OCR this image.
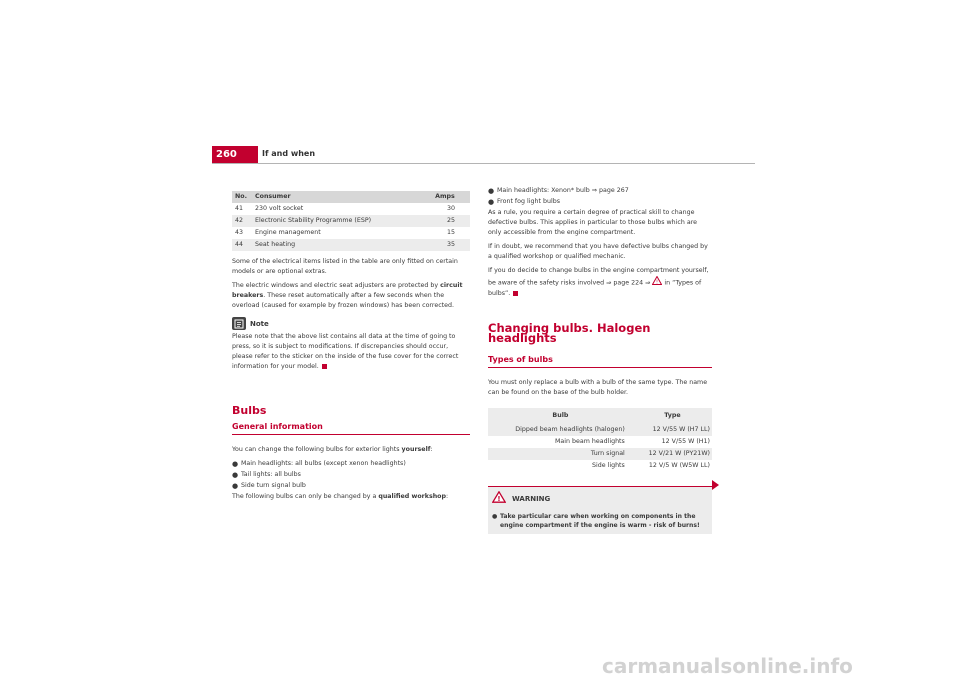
260	If and when
No.	Consumer	Amps
41	230 volt socket	30
42	Electronic Stability Programme (ESP)	25
43	Engine management	15
44	Seat heating	35

Some of the electrical items listed in the table are only fitted on certain models or are optional extras.

The electric windows and electric seat adjusters are protected by circuit breakers. These reset automatically after a few seconds when the overload (caused for example by frozen windows) has been corrected.

Note

Please note that the above list contains all data at the time of going to press, so it is subject to modifications. If discrepancies should occur, please refer to the sticker on the inside of the fuse cover for the correct information for your model.

Bulbs
General information

You can change the following bulbs for exterior lights yourself:

● Main headlights: all bulbs (except xenon headlights)
● Tail lights: all bulbs
● Side turn signal bulb

The following bulbs can only be changed by a qualified workshop:

● Main headlights: Xenon* bulb ⇒ page 267
● Front fog light bulbs

As a rule, you require a certain degree of practical skill to change defective bulbs. This applies in particular to those bulbs which are only accessible from the engine compartment.

If in doubt, we recommend that you have defective bulbs changed by a qualified workshop or qualified mechanic.

If you do decide to change bulbs in the engine compartment yourself, be aware of the safety risks involved ⇒ page 224 ⇒ ! in “Types of bulbs”.

Changing bulbs. Halogen headlights
Types of bulbs

You must only replace a bulb with a bulb of the same type. The name can be found on the base of the bulb holder.

Bulb	Type
Dipped beam headlights (halogen)	12 V/55 W (H7 LL)
Main beam headlights	12 V/55 W (H1)
Turn signal	12 V/21 W (PY21W)
Side lights	12 V/5 W (W5W LL)
! WARNING
● Take particular care when working on components in the engine compartment if the engine is warm - risk of burns!
carmanualsonline.info
